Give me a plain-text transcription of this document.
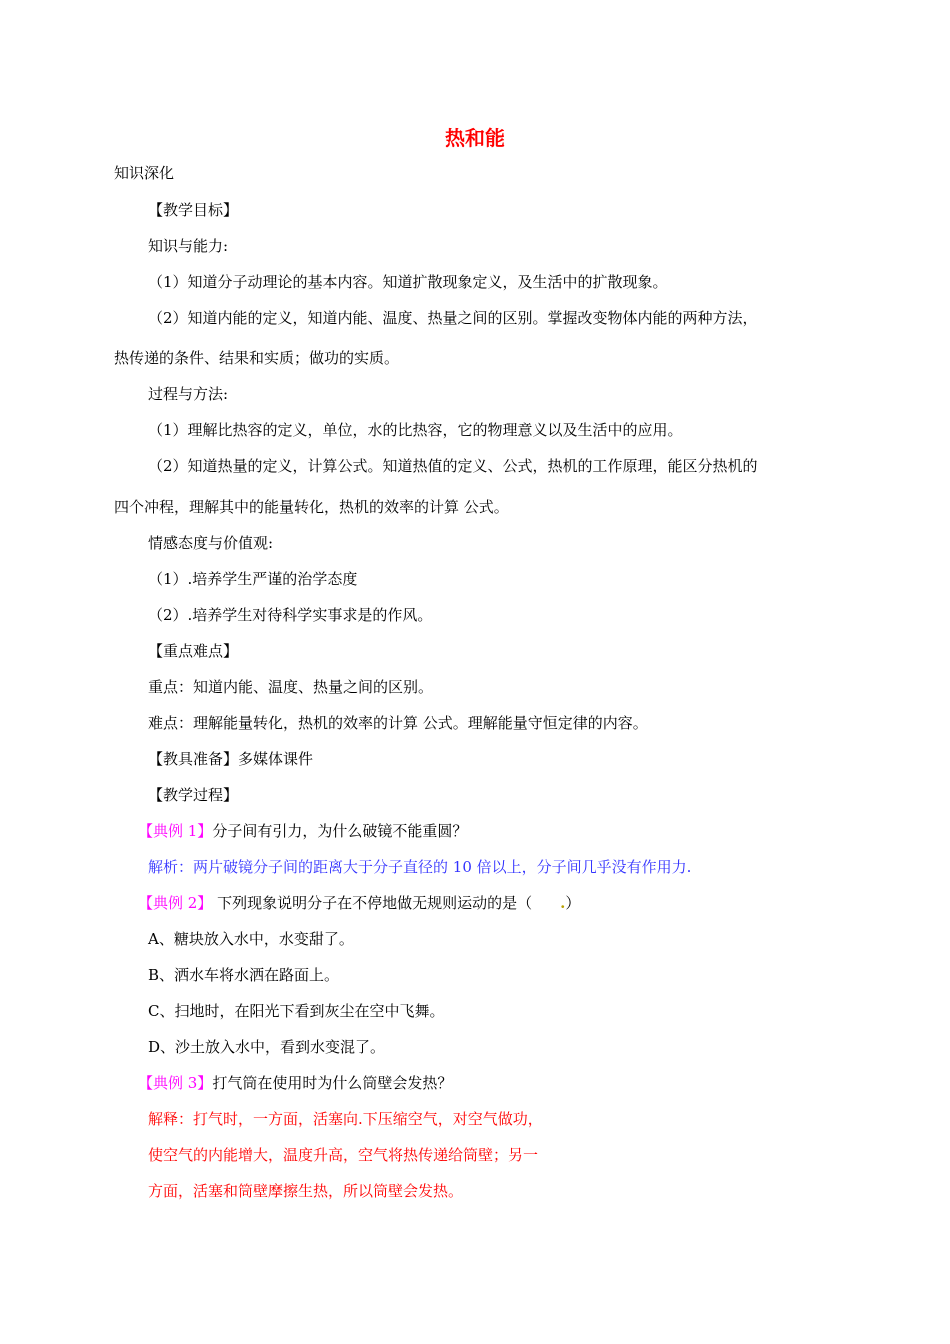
热和能
知识深化
【教学目标】
知识与能力:
（1）知道分子动理论的基本内容。知道扩散现象定义，及生活中的扩散现象。
（2）知道内能的定义，知道内能、温度、热量之间的区别。掌握改变物体内能的两种方法，
热传递的条件、结果和实质；做功的实质。
过程与方法:
（1）理解比热容的定义，单位，水的比热容，它的物理意义以及生活中的应用。
（2）知道热量的定义，计算公式。知道热值的定义、公式，热机的工作原理，能区分热机的
四个冲程，理解其中的能量转化，热机的效率的计算 公式。
情感态度与价值观:
（1）.培养学生严谨的治学态度
（2）.培养学生对待科学实事求是的作风。
【重点难点】
重点：知道内能、温度、热量之间的区别。
难点：理解能量转化，热机的效率的计算 公式。理解能量守恒定律的内容。
【教具准备】多媒体课件
【教学过程】
【典例 1】分子间有引力，为什么破镜不能重圆？
解析：两片破镜分子间的距离大于分子直径的 10 倍以上，分子间几乎没有作用力.
【典例 2】 下列现象说明分子在不停地做无规则运动的是（ .）
A、糖块放入水中，水变甜了。
B、洒水车将水洒在路面上。
C、扫地时，在阳光下看到灰尘在空中飞舞。
D、沙土放入水中，看到水变混了。
【典例 3】打气筒在使用时为什么筒壁会发热？
解释：打气时，一方面，活塞向.下压缩空气，对空气做功，
使空气的内能增大，温度升高，空气将热传递给筒壁；另一
方面，活塞和筒壁摩擦生热，所以筒壁会发热。
